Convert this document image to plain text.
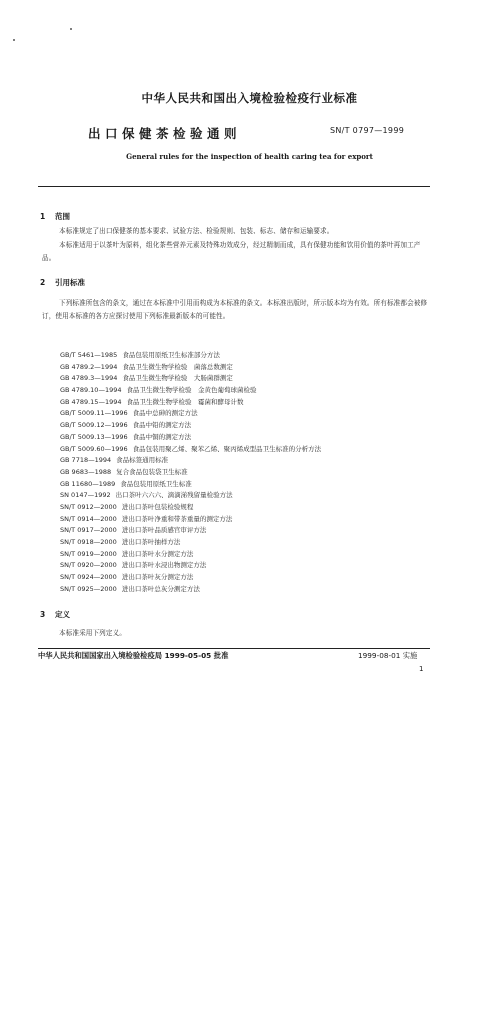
中华人民共和国出入境检验检疫行业标准
出口保健茶检验通则	SN/T 0797—1999
General rules for the inspection of health caring tea for export
1 范围
本标准规定了出口保健茶的基本要求、试验方法、检验规则、包装、标志、储存和运输要求。
本标准适用于以茶叶为原料，组化茶些营养元素及特殊功效成分，经过精制而成，具有保健功能和饮用价值的茶叶再加工产品。
2 引用标准
下列标准所包含的条文，通过在本标准中引用而构成为本标准的条文。本标准出版时，所示版本均为有效。所有标准都会被修订，使用本标准的各方应探讨使用下列标准最新版本的可能性。
GB/T 5461—1985 食品包装用原纸卫生标准部分方法
GB 4789.2—1994 食品卫生微生物学检验　菌落总数测定
GB 4789.3—1994 食品卫生微生物学检验　大肠菌群测定
GB 4789.10—1994 食品卫生微生物学检验　金黄色葡萄球菌检验
GB 4789.15—1994 食品卫生微生物学检验　霉菌和酵母计数
GB/T 5009.11—1996 食品中总砷的测定方法
GB/T 5009.12—1996 食品中铅的测定方法
GB/T 5009.13—1996 食品中铜的测定方法
GB/T 5009.60—1996 食品包装用聚乙烯、聚苯乙烯、聚丙烯成型品卫生标准的分析方法
GB 7718—1994 食品标签通用标准
GB 9683—1988 复合食品包装袋卫生标准
GB 11680—1989 食品包装用原纸卫生标准
SN 0147—1992 出口茶叶六六六、滴滴涕残留量检验方法
SN/T 0912—2000 进出口茶叶包装检验规程
SN/T 0914—2000 进出口茶叶净重和带茶重量的测定方法
SN/T 0917—2000 进出口茶叶品质感官审评方法
SN/T 0918—2000 进出口茶叶抽样方法
SN/T 0919—2000 进出口茶叶水分测定方法
SN/T 0920—2000 进出口茶叶水浸出物测定方法
SN/T 0924—2000 进出口茶叶灰分测定方法
SN/T 0925—2000 进出口茶叶总灰分测定方法
3 定义
本标准采用下列定义。
中华人民共和国国家出入境检验检疫局 1999-05-05 批准	1999-08-01 实施
1
